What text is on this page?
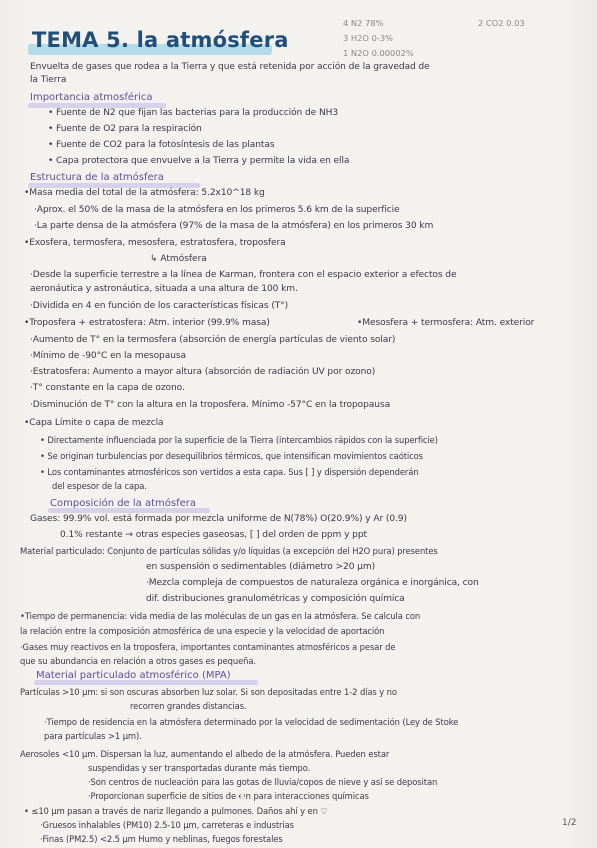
TEMA 5. la atmósfera
4 N2 78%
3 H2O 0-3%
1 N2O 0.00002%
2 CO2 0.03
Envuelta de gases que rodea a la Tierra y que está retenida por acción de la gravedad de
la Tierra
Importancia atmosférica
• Fuente de N2 que fijan las bacterias para la producción de NH3
• Fuente de O2 para la respiración
• Fuente de CO2 para la fotosíntesis de las plantas
• Capa protectora que envuelve a la Tierra y permite la vida en ella
Estructura de la atmósfera
•Masa media del total de la atmósfera: 5.2x10^18 kg
·Aprox. el 50% de la masa de la atmósfera en los primeros 5.6 km de la superficie
·La parte densa de la atmósfera (97% de la masa de la atmósfera) en los primeros 30 km
•Exosfera, termosfera, mesosfera, estratosfera, troposfera
↳ Atmósfera
·Desde la superficie terrestre a la línea de Karman, frontera con el espacio exterior a efectos de
aeronáutica y astronáutica, situada a una altura de 100 km.
·Dividida en 4 en función de los características físicas (T°)
•Troposfera + estratosfera: Atm. interior (99.9% masa)	•Mesosfera + termosfera: Atm. exterior
·Aumento de T° en la termosfera (absorción de energía partículas de viento solar)
·Mínimo de -90°C en la mesopausa
·Estratosfera: Aumento a mayor altura (absorción de radiación UV por ozono)
·T° constante en la capa de ozono.
·Disminución de T° con la altura en la troposfera. Mínimo -57°C en la tropopausa
•Capa Límite o capa de mezcla
• Directamente influenciada por la superficie de la Tierra (intercambios rápidos con la superficie)
• Se originan turbulencias por desequilibrios térmicos, que intensifican movimientos caóticos
• Los contaminantes atmosféricos son vertidos a esta capa. Sus [ ] y dispersión dependerán
del espesor de la capa.
Composición de la atmósfera
Gases: 99.9% vol. está formada por mezcla uniforme de N(78%) O(20.9%) y Ar (0.9)
0.1% restante → otras especies gaseosas, [ ] del orden de ppm y ppt
Material particulado: Conjunto de partículas sólidas y/o líquidas (a excepción del H2O pura) presentes
en suspensión o sedimentables (diámetro >20 μm)
·Mezcla compleja de compuestos de naturaleza orgánica e inorgánica, con
dif. distribuciones granulométricas y composición química
•Tiempo de permanencia: vida media de las moléculas de un gas en la atmósfera. Se calcula con
la relación entre la composición atmosférica de una especie y la velocidad de aportación
·Gases muy reactivos en la troposfera, importantes contaminantes atmosféricos a pesar de
que su abundancia en relación a otros gases es pequeña.
Material particulado atmosférico (MPA)
Partículas >10 μm: si son oscuras absorben luz solar. Si son depositadas entre 1-2 días y no
recorren grandes distancias.
·Tiempo de residencia en la atmósfera determinado por la velocidad de sedimentación (Ley de Stoke
para partículas >1 μm).
Aerosoles <10 μm. Dispersan la luz, aumentando el albedo de la atmósfera. Pueden estar
suspendidas y ser transportadas durante más tiempo.
·Son centros de nucleación para las gotas de lluvia/copos de nieve y así se depositan
·Proporcionan superficie de sitios de ℮n para interacciones químicas
• ≤10 μm pasan a través de nariz llegando a pulmones. Daños ahí y en ♡
·Gruesos inhalables (PM10) 2.5-10 μm, carreteras e industrias
·Finas (PM2.5) <2.5 μm Humo y neblinas, fuegos forestales
1/2
